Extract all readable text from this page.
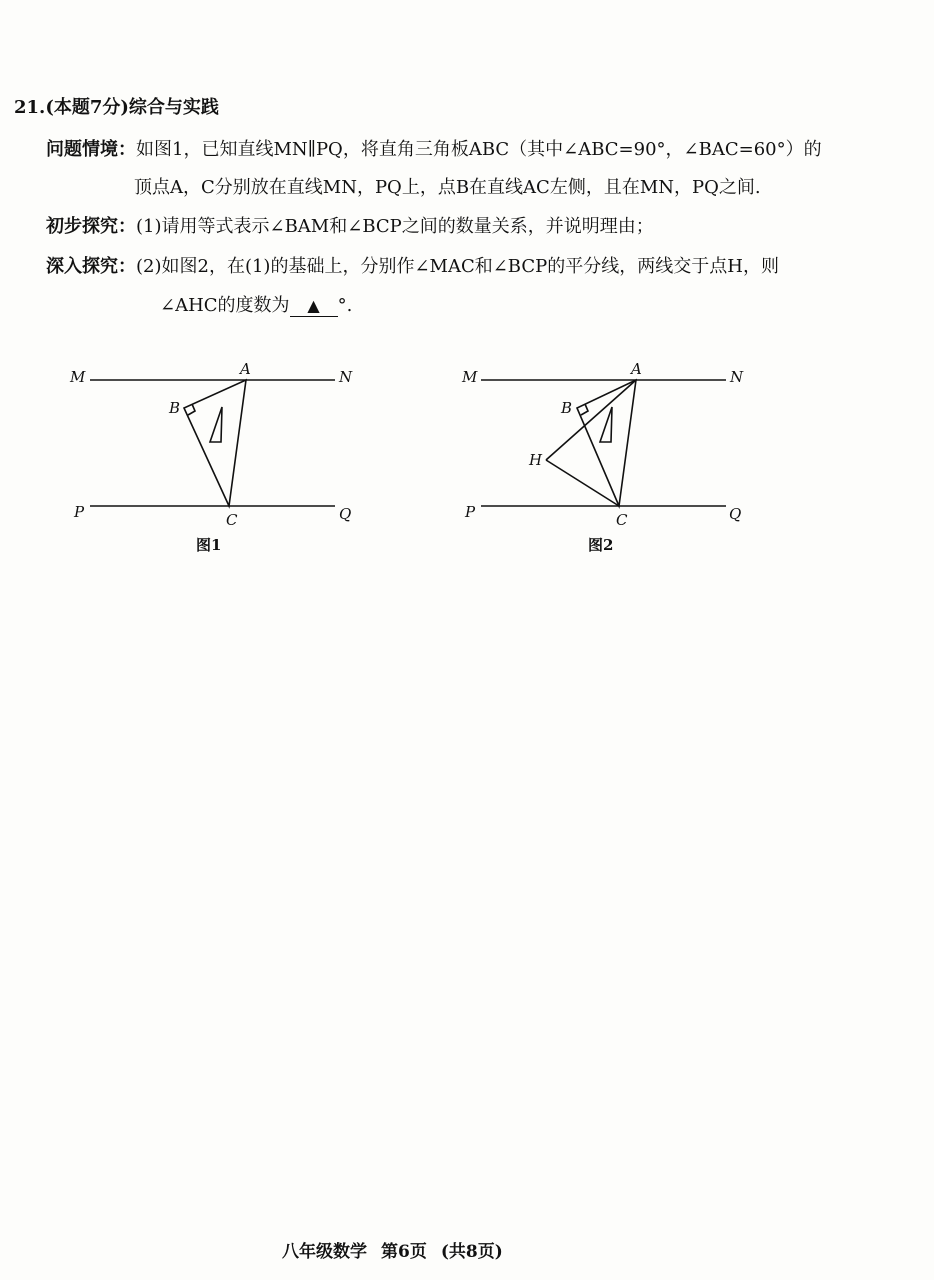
21.(本题7分)综合与实践
问题情境：如图1，已知直线MN∥PQ，将直角三角板ABC（其中∠ABC=90°，∠BAC=60°）的
顶点A，C分别放在直线MN，PQ上，点B在直线AC左侧，且在MN，PQ之间.
初步探究：(1)请用等式表示∠BAM和∠BCP之间的数量关系，并说明理由；
深入探究：(2)如图2，在(1)的基础上，分别作∠MAC和∠BCP的平分线，两线交于点H，则
∠AHC的度数为 ▲ °.
M	N
A
B
P	Q
C
图1
M	N
A
B
H
P	Q
C
图2
八年级数学 第6页 (共8页)
